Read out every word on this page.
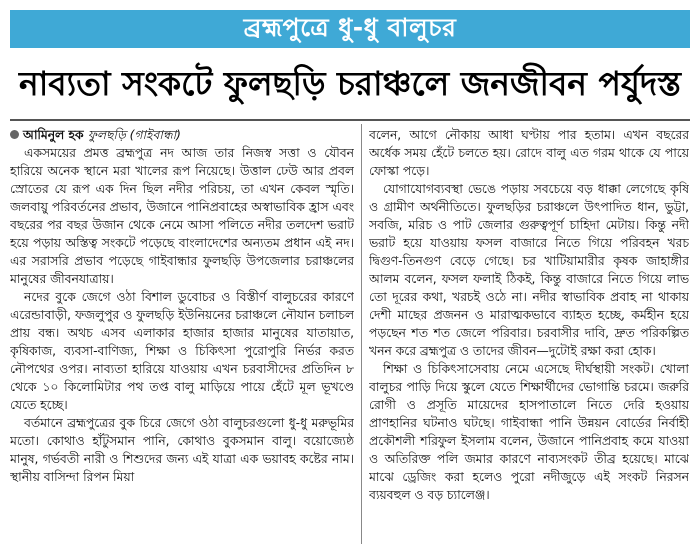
ব্রহ্মপুত্রে ধু-ধু বালুচর
নাব্যতা সংকটে ফুলছড়ি চরাঞ্চলে জনজীবন পর্যুদস্ত
আমিনুল হক ফুলছড়ি (গাইবান্ধা)

একসময়ের প্রমত্ত ব্রহ্মপুত্র নদ আজ তার নিজস্ব সত্তা ও যৌবন হারিয়ে অনেক স্থানে মরা খালের রূপ নিয়েছে। উত্তাল ঢেউ আর প্রবল স্রোতের যে রূপ এক দিন ছিল নদীর পরিচয়, তা এখন কেবল স্মৃতি। জলবায়ু পরিবর্তনের প্রভাব, উজানে পানিপ্রবাহের অস্বাভাবিক হ্রাস এবং বছরের পর বছর উজান থেকে নেমে আসা পলিতে নদীর তলদেশ ভরাট হয়ে পড়ায় অস্তিত্ব সংকটে পড়েছে বাংলাদেশের অন্যতম প্রধান এই নদ। এর সরাসরি প্রভাব পড়েছে গাইবান্ধার ফুলছড়ি উপজেলার চরাঞ্চলের মানুষের জীবনযাত্রায়।

নদের বুকে জেগে ওঠা বিশাল ডুবোচর ও বিস্তীর্ণ বালুচরের কারণে এরেন্ডাবাড়ী, ফজলুপুর ও ফুলছড়ি ইউনিয়নের চরাঞ্চলে নৌযান চলাচল প্রায় বন্ধ। অথচ এসব এলাকার হাজার হাজার মানুষের যাতায়াত, কৃষিকাজ, ব্যবসা-বাণিজ্য, শিক্ষা ও চিকিৎসা পুরোপুরি নির্ভর করত নৌপথের ওপর। নাব্যতা হারিয়ে যাওয়ায় এখন চরবাসীদের প্রতিদিন ৮ থেকে ১০ কিলোমিটার পথ তপ্ত বালু মাড়িয়ে পায়ে হেঁটে মূল ভূখণ্ডে যেতে হচ্ছে।

বর্তমানে ব্রহ্মপুত্রের বুক চিরে জেগে ওঠা বালুচরগুলো ধু-ধু মরুভূমির মতো। কোথাও হাঁটুসমান পানি, কোথাও বুকসমান বালু। বয়োজ্যেষ্ঠ মানুষ, গর্ভবতী নারী ও শিশুদের জন্য এই যাত্রা এক ভয়াবহ কষ্টের নাম। স্থানীয় বাসিন্দা রিপন মিয়া

বলেন, আগে নৌকায় আধা ঘণ্টায় পার হতাম। এখন বছরের অর্ধেক সময় হেঁটে চলতে হয়। রোদে বালু এত গরম থাকে যে পায়ে ফোস্কা পড়ে।

যোগাযোগব্যবস্থা ভেঙে পড়ায় সবচেয়ে বড় ধাক্কা লেগেছে কৃষি ও গ্রামীণ অর্থনীতিতে। ফুলছড়ির চরাঞ্চলে উৎপাদিত ধান, ভুট্টা, সবজি, মরিচ ও পাট জেলার গুরুত্বপূর্ণ চাহিদা মেটায়। কিন্তু নদী ভরাট হয়ে যাওয়ায় ফসল বাজারে নিতে গিয়ে পরিবহন খরচ দ্বিগুণ-তিনগুণ বেড়ে গেছে। চর খাটিয়ামারীর কৃষক জাহাঙ্গীর আলম বলেন, ফসল ফলাই ঠিকই, কিন্তু বাজারে নিতে গিয়ে লাভ তো দূরের কথা, খরচই ওঠে না। নদীর স্বাভাবিক প্রবাহ না থাকায় দেশী মাছের প্রজনন ও মারাত্মকভাবে ব্যাহত হচ্ছে, কর্মহীন হয়ে পড়ছেন শত শত জেলে পরিবার। চরবাসীর দাবি, দ্রুত পরিকল্পিত খনন করে ব্রহ্মপুত্র ও তাদের জীবন—দুটোই রক্ষা করা হোক।

শিক্ষা ও চিকিৎসাসেবায় নেমে এসেছে দীর্ঘস্থায়ী সংকট। খোলা বালুচর পাড়ি দিয়ে স্কুলে যেতে শিক্ষার্থীদের ভোগান্তি চরমে। জরুরি রোগী ও প্রসূতি মায়েদের হাসপাতালে নিতে দেরি হওয়ায় প্রাণহানির ঘটনাও ঘটছে। গাইবান্ধা পানি উন্নয়ন বোর্ডের নির্বাহী প্রকৌশলী শরিফুল ইসলাম বলেন, উজানে পানিপ্রবাহ কমে যাওয়া ও অতিরিক্ত পলি জমার কারণে নাব্যসংকট তীব্র হয়েছে। মাঝে মাঝে ড্রেজিং করা হলেও পুরো নদীজুড়ে এই সংকট নিরসন ব্যয়বহুল ও বড় চ্যালেঞ্জ।
